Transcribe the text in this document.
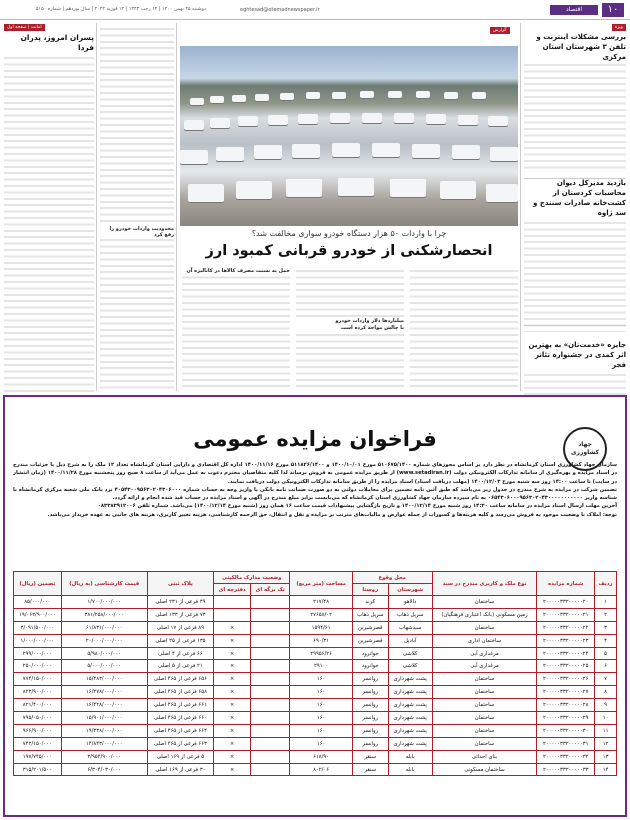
۱۰
اقتصاد
eghtesad@etemadnewspaper.ir
دوشنبه ۲۵ بهمن ۱۴۰۰ | ۱۲ رجب ۱۴۴۳ | ۱۴ فوریه ۲۰۲۲ | سال نوزدهم | شماره ۵۱۵۰
ویژه
بررسی مشکلات اینترنت و تلفن ۳ شهرستان استان مرکزی
بازدید مدیرکل دیوان محاسبات کردستان از کشت‌خانه صادرات سنندج و سد ژاوه
جایزه «خدمت‌نان» به بهترین اثر کمدی در جشنواره تئاتر فجر
گزارش
چرا با واردات ۵۰ هزار دستگاه خودرو سواری مخالفت شد؟
انحصارشکنی از خودرو قربانی کمبود ارز
میلیاردها دلار واردات خودرو
با چالش مواجه کرده است
حمل به نسبت مصرف کالاها در کانالیزه آن
محدودیت واردات خودرو را رفع کرد
امانت | صفحه اول
پسران امروز، پدران فردا
فراخوان مزایده عمومی

سازمان جهاد کشاورزی استان کرمانشاه در نظر دارد بر اساس مجوزهای شماره ۵۱۰۶۷۵/۱۴۰۰ مورخ ۱۴۰۰/۱۰/۰۱ و ۵۱۱۸۲۶/۱۴۰۰ مورخ ۱۴۰۰/۱۱/۱۶ اداره کل اقتصادی و دارایی استان کرمانشاه تعداد ۱۲ ملک را به شرح ذیل با جزئیات مندرج در اسناد مزایده و بهره‌گیری از سامانه تدارکات الکترونیکی دولت (www.setadiran.ir) از طریق مزایده عمومی به فروش برساند لذا کلیه متقاضیان محترم دعوت به عمل می‌آید از ساعت ۸ صبح روز پنجشنبه مورخ ۱۴۰۰/۱۱/۲۸ (زمان انتشار در سایت) تا ساعت ۱۴:۰۰ روز سه شنبه مورخ ۱۴۰۰/۱۲/۰۳ (مهلت دریافت اسناد) اسناد مزایده را از طریق سامانه تدارکات الکترونیکی دولت دریافت نمایند.

تضمین شرکت در مزایده به شرح مندرج در جدول زیر می‌باشد که طبق آئین نامه تضمین برای معاملات دولتی به دو صورت ضمانت نامه بانکی یا واریز وجه به حساب شماره ۴۰۵۴۳۰۰۹۵۶۳۰۲۰۴۳۰۶۰۰۰ نزد بانک ملی شعبه مرکزی کرمانشاه با شناسه واریز ۰۶۵۴۳۰۶۰۰۰۹۵۶۳۰۲۰۴۳۰۰۰۰۰۰۰۰۰۰۰ به نام سپرده سازمان جهاد کشاورزی استان کرمانشاه که می‌بایست برابر مبلغ مندرج در آگهی و اسناد مزایده در حساب قید شده انجام و ارائه گردد.

آخرین مهلت ارسال اسناد مزایده در سامانه ساعت ۱۴:۳۰ روز شنبه مورخ ۱۴۰۰/۱۲/۱۴ و تاریخ بازگشایی پیشنهادات قیمت ساعت ۱۶ همان روز (شنبه مورخ ۱۴۰۰/۱۲/۱۴) می‌باشد. شماره تلفن ۰۸۳۳۸۳۹۱۲۰۰۶

توجه: املاک با وضعیت موجود به فروش می‌رسد و کلیه هزینه‌ها و کسورات از جمله عوارض و مالیات‌های مترتب بر مزایده و نقل و انتقال، حق الزحمه کارشناسی، هزینه تغییر کاربری، هزینه های جانبی به عهده خریدار می‌باشد.

ردیف	شماره مزایده	نوع ملک و کاربری مندرج در سند	محل وقوع		مساحت (متر مربع)	وضعیت مدارک مالکیتی		پلاک ثبتی	قیمت کارشناسی (به ریال)	تضمین (ریال)
			شهرستان	روستا		تک برگه ای	دفترچه ای			
۱	۲۰۰۰۰۰۳۳۲۰۰۰۰۰۲۰	ساختمان	دالاهو	کرند	۲۱۷/۴۸			۴۹ فرعی از ۲۳۱ اصلی	۱/۷۰۰/۰۰۰/۰۰۰	۸۵/۰۰۰/۰۰۰
۲	۲۰۰۰۰۰۳۳۲۰۰۰۰۰۲۱	زمین مسکونی (بانک اعتباری فرهنگیان)	سرپل ذهاب	سرپل ذهاب	۲۷۶۵۸/۰۲			۷۳ فرعی از ۱۳۳ اصلی	۳۸۱/۲۵۸/۰۰۰/۰۰۰	۱۹/۰۶۲/۹۰۰/۰۰۰
۳	۲۰۰۰۰۰۳۳۲۰۰۰۰۰۲۲	ساختمان	سیدشهاب	قصرشیرین	۱۵۹۴/۶۱		×	۸۹ فرعی از ۱۷ اصلی	۶۱/۸۳۱/۰۰۰/۰۰۰	۳/۰۹۱/۵۰۰/۰۰۰
۴	۲۰۰۰۰۰۳۳۲۰۰۰۰۰۲۳	ساختمان اداری	آبادپل	قصرشیرین	۶۹۰/۳۱		×	۱۳۵ فرعی از ۲۵ اصلی	۲۰/۰۰۰/۰۰۰/۰۰۰	۱/۰۰۰/۰۰۰/۰۰۰
۵	۲۰۰۰۰۰۳۳۲۰۰۰۰۰۲۴	مرغداری آبی	کلاشی	جوانرود	۲۹۹۵۶/۲۶		×	۶۶ فرعی از ۴ اصلی	۵/۹۸۰/۰۰۰/۰۰۰	۲۹۹/۰۰۰/۰۰۰
۶	۲۰۰۰۰۰۳۳۲۰۰۰۰۰۲۵	مرغداری آبی	کلاشی	جوانرود	۲۹۱۰۰		×	۲۱ فرعی از ۵ اصلی	۵/۰۰۰/۰۰۰/۰۰۰	۲۵۰/۰۰۰/۰۰۰
۷	۲۰۰۰۰۰۳۳۲۰۰۰۰۰۲۶	ساختمان	پشت شهرداری	روانسر	۱۶۰		×	۶۵۶ فرعی از ۴۶۵ اصلی	۱۵/۴۸۳/۰۰۰/۰۰۰	۷۷۴/۱۵۰/۰۰۰
۸	۲۰۰۰۰۰۳۳۲۰۰۰۰۰۲۷	ساختمان	پشت شهرداری	روانسر	۱۶۰		×	۶۵۸ فرعی از ۴۶۵ اصلی	۱۶/۴۷۸/۰۰۰/۰۰۰	۸۲۳/۹۰۰/۰۰۰
۹	۲۰۰۰۰۰۳۳۲۰۰۰۰۰۲۸	ساختمان	پشت شهرداری	روانسر	۱۶۰		×	۶۶۱ فرعی از ۴۶۵ اصلی	۱۶/۴۲۸/۰۰۰/۰۰۰	۸۲۱/۴۰۰/۰۰۰
۱۰	۲۰۰۰۰۰۳۳۲۰۰۰۰۰۲۹	ساختمان	پشت شهرداری	روانسر	۱۶۰		×	۶۶۰ فرعی از ۴۶۵ اصلی	۱۵/۹۰۱/۰۰۰/۰۰۰	۷۹۵/۰۵۰/۰۰۰
۱۱	۲۰۰۰۰۰۳۳۲۰۰۰۰۰۳۰	ساختمان	پشت شهرداری	روانسر	۱۶۰		×	۶۶۴ فرعی از ۴۶۵ اصلی	۱۹/۳۳۸/۰۰۰/۰۰۰	۹۶۶/۹۰۰/۰۰۰
۱۲	۲۰۰۰۰۰۳۳۲۰۰۰۰۰۳۱	ساختمان	پشت شهرداری	روانسر	۱۶۰		×	۶۶۳ فرعی از ۴۶۵ اصلی	۱۴/۸۴۳/۰۰۰/۰۰۰	۷۴۲/۱۵۰/۰۰۰
۱۳	۲۰۰۰۰۰۳۳۲۰۰۰۰۰۳۲	بنای احداثی	بابله	سنقر	۶۱۸/۹۰		×	۵ فرعی از ۱۶۹ اصلی	۳/۹۵۴/۹۰۰/۰۰۰	۱۹۷/۷۴۵/۰۰۰
۱۴	۲۰۰۰۰۰۳۳۲۰۰۰۰۰۳۳	ساختمان مسکونی	بابله	سنقر	۸۰۲/۰۶		×	۳۰ فرعی از ۱۶۹ اصلی	۶/۳۰۴/۰۳۰/۰۰۰	۳۱۵/۲۰۱/۵۰۰
جهاد کشاورزی
